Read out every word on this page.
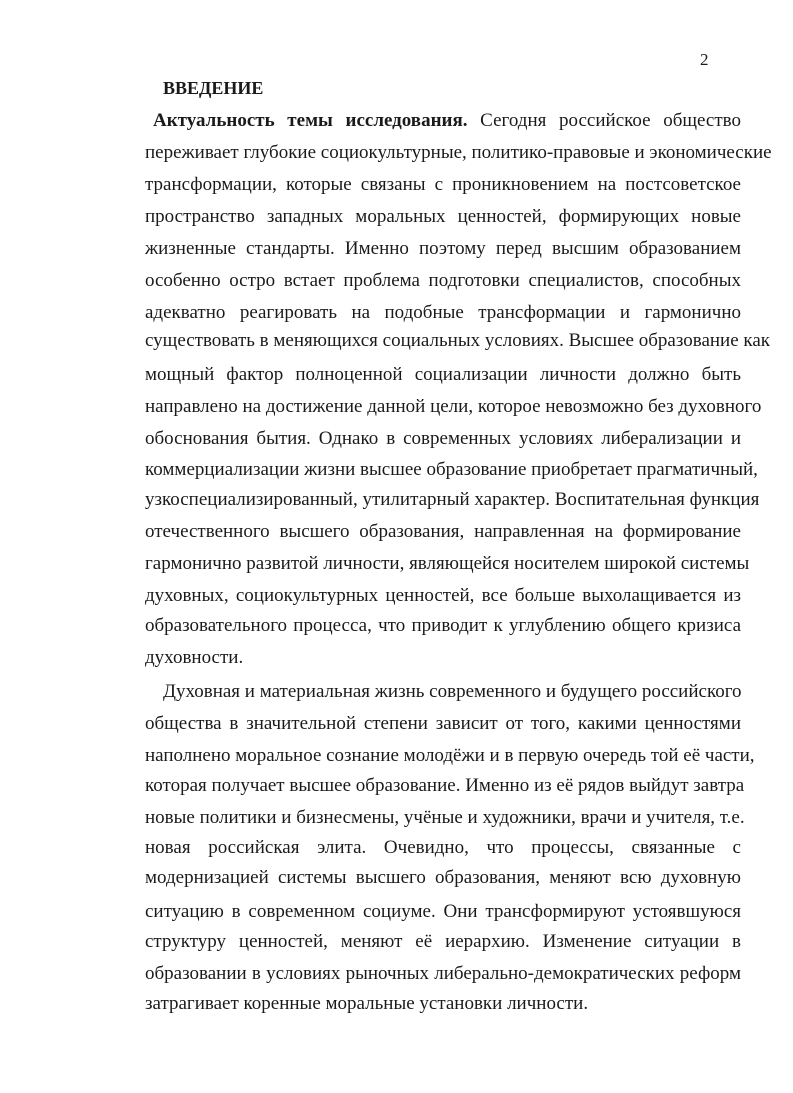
2
ВВЕДЕНИЕ
Актуальность темы исследования. Сегодня российское общество
переживает глубокие социокультурные, политико-правовые и экономические
трансформации, которые связаны с проникновением на постсоветское
пространство западных моральных ценностей, формирующих новые
жизненные стандарты. Именно поэтому перед высшим образованием
особенно остро встает проблема подготовки специалистов, способных
адекватно реагировать на подобные трансформации и гармонично
существовать в меняющихся социальных условиях. Высшее образование как
мощный фактор полноценной социализации личности должно быть
направлено на достижение данной цели, которое невозможно без духовного
обоснования бытия. Однако в современных условиях либерализации и
коммерциализации жизни высшее образование приобретает прагматичный,
узкоспециализированный, утилитарный характер. Воспитательная функция
отечественного высшего образования, направленная на формирование
гармонично развитой личности, являющейся носителем широкой системы
духовных, социокультурных ценностей, все больше выхолащивается из
образовательного процесса, что приводит к углублению общего кризиса
духовности.
Духовная и материальная жизнь современного и будущего российского
общества в значительной степени зависит от того, какими ценностями
наполнено моральное сознание молодёжи и в первую очередь той её части,
которая получает высшее образование. Именно из её рядов выйдут завтра
новые политики и бизнесмены, учёные и художники, врачи и учителя, т.е.
новая российская элита. Очевидно, что процессы, связанные с
модернизацией системы высшего образования, меняют всю духовную
ситуацию в современном социуме. Они трансформируют устоявшуюся
структуру ценностей, меняют её иерархию. Изменение ситуации в
образовании в условиях рыночных либерально-демократических реформ
затрагивает коренные моральные установки личности.
